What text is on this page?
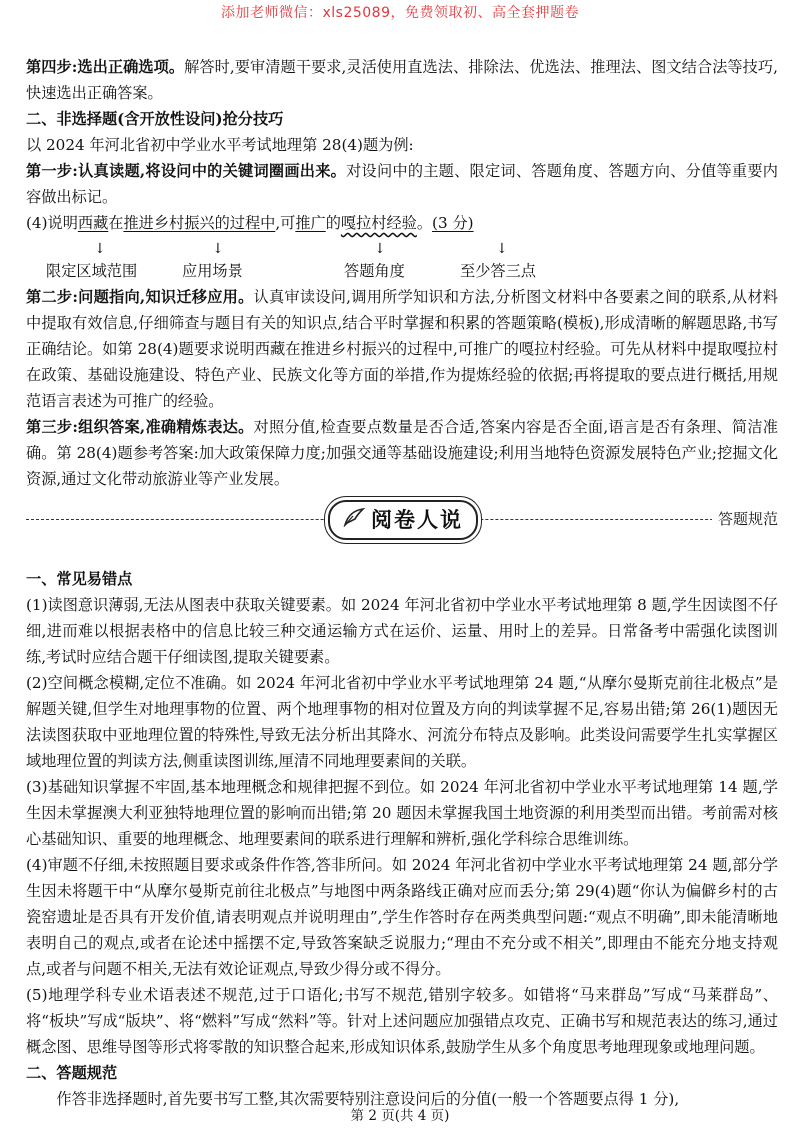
添加老师微信：xls25089，免费领取初、高全套押题卷

第四步:选出正确选项。解答时,要审清题干要求,灵活使用直选法、排除法、优选法、推理法、图文结合法等技巧,快速选出正确答案。

二、非选择题(含开放性设问)抢分技巧

以 2024 年河北省初中学业水平考试地理第 28(4)题为例:

第一步:认真读题,将设问中的关键词圈画出来。对设问中的主题、限定词、答题角度、答题方向、分值等重要内容做出标记。

(4)说明西藏在推进乡村振兴的过程中,可推广的嘎拉村经验。(3 分)

↓	↓	↓	↓
限定区域范围	应用场景	答题角度	至少答三点

第二步:问题指向,知识迁移应用。认真审读设问,调用所学知识和方法,分析图文材料中各要素之间的联系,从材料中提取有效信息,仔细筛查与题目有关的知识点,结合平时掌握和积累的答题策略(模板),形成清晰的解题思路,书写正确结论。如第 28(4)题要求说明西藏在推进乡村振兴的过程中,可推广的嘎拉村经验。可先从材料中提取嘎拉村在政策、基础设施建设、特色产业、民族文化等方面的举措,作为提炼经验的依据;再将提取的要点进行概括,用规范语言表述为可推广的经验。

第三步:组织答案,准确精炼表达。对照分值,检查要点数量是否合适,答案内容是否全面,语言是否有条理、简洁准确。第 28(4)题参考答案:加大政策保障力度;加强交通等基础设施建设;利用当地特色资源发展特色产业;挖掘文化资源,通过文化带动旅游业等产业发展。

阅卷人说	答题规范

一、常见易错点

(1)读图意识薄弱,无法从图表中获取关键要素。如 2024 年河北省初中学业水平考试地理第 8 题,学生因读图不仔细,进而难以根据表格中的信息比较三种交通运输方式在运价、运量、用时上的差异。日常备考中需强化读图训练,考试时应结合题干仔细读图,提取关键要素。

(2)空间概念模糊,定位不准确。如 2024 年河北省初中学业水平考试地理第 24 题,“从摩尔曼斯克前往北极点”是解题关键,但学生对地理事物的位置、两个地理事物的相对位置及方向的判读掌握不足,容易出错;第 26(1)题因无法读图获取中亚地理位置的特殊性,导致无法分析出其降水、河流分布特点及影响。此类设问需要学生扎实掌握区域地理位置的判读方法,侧重读图训练,厘清不同地理要素间的关联。

(3)基础知识掌握不牢固,基本地理概念和规律把握不到位。如 2024 年河北省初中学业水平考试地理第 14 题,学生因未掌握澳大利亚独特地理位置的影响而出错;第 20 题因未掌握我国土地资源的利用类型而出错。考前需对核心基础知识、重要的地理概念、地理要素间的联系进行理解和辨析,强化学科综合思维训练。

(4)审题不仔细,未按照题目要求或条件作答,答非所问。如 2024 年河北省初中学业水平考试地理第 24 题,部分学生因未将题干中“从摩尔曼斯克前往北极点”与地图中两条路线正确对应而丢分;第 29(4)题“你认为偏僻乡村的古瓷窑遗址是否具有开发价值,请表明观点并说明理由”,学生作答时存在两类典型问题:“观点不明确”,即未能清晰地表明自己的观点,或者在论述中摇摆不定,导致答案缺乏说服力;“理由不充分或不相关”,即理由不能充分地支持观点,或者与问题不相关,无法有效论证观点,导致少得分或不得分。

(5)地理学科专业术语表述不规范,过于口语化;书写不规范,错别字较多。如错将“马来群岛”写成“马莱群岛”、将“板块”写成“版块”、将“燃料”写成“然料”等。针对上述问题应加强错点攻克、正确书写和规范表达的练习,通过概念图、思维导图等形式将零散的知识整合起来,形成知识体系,鼓励学生从多个角度思考地理现象或地理问题。

二、答题规范

作答非选择题时,首先要书写工整,其次需要特别注意设问后的分值(一般一个答题要点得 1 分),

第 2 页(共 4 页)
